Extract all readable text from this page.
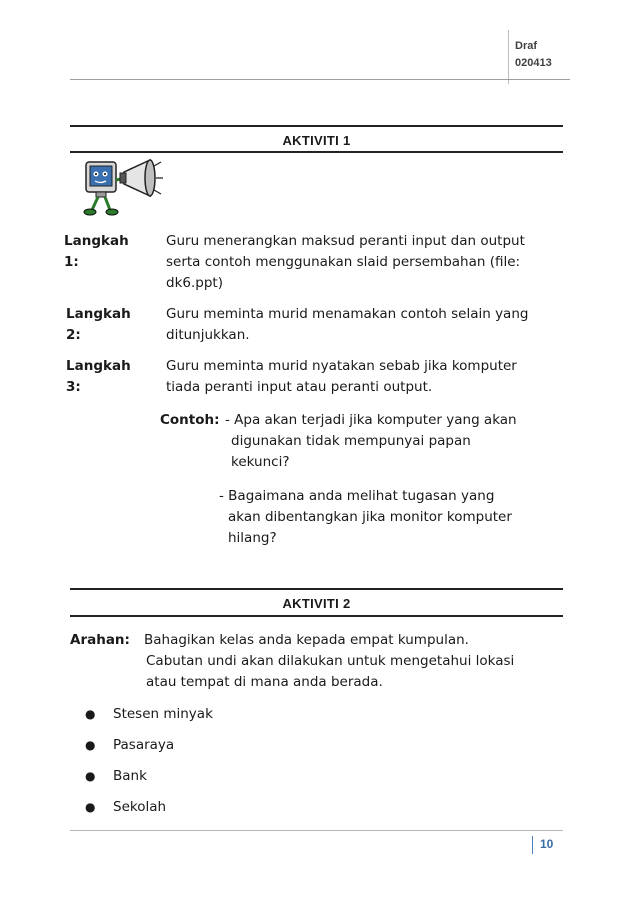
Draf
020413
AKTIVITI 1
Langkah 1:
Guru menerangkan maksud peranti input dan output
serta contoh menggunakan slaid persembahan (file:
dk6.ppt)
Langkah 2:
Guru meminta murid menamakan contoh selain yang
ditunjukkan.
Langkah 3:
Guru meminta murid nyatakan sebab jika komputer
tiada peranti input atau peranti output.
Contoh: - Apa akan terjadi jika komputer yang akan
digunakan tidak mempunyai papan
kekunci?
- Bagaimana anda melihat tugasan yang
akan dibentangkan jika monitor komputer
hilang?
AKTIVITI 2
Arahan: Bahagikan kelas anda kepada empat kumpulan.
Cabutan undi akan dilakukan untuk mengetahui lokasi
atau tempat di mana anda berada.
● Stesen minyak
● Pasaraya
● Bank
● Sekolah
10
